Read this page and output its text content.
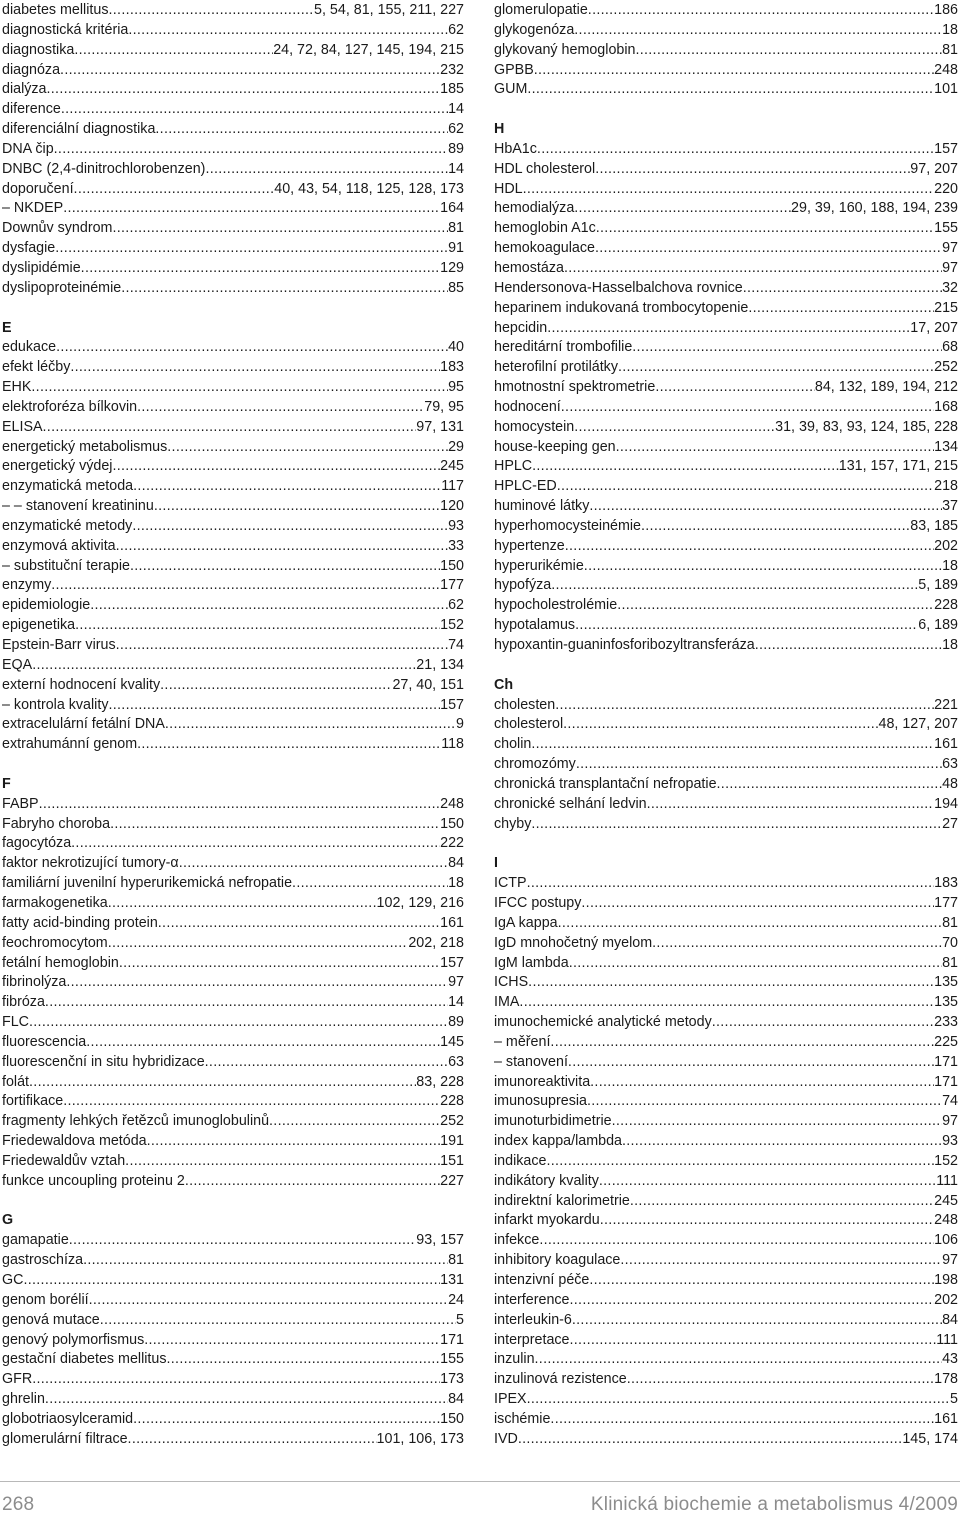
diabetes mellitus .....	5, 54, 81, 155, 211, 227
diagnostická kritéria .....	62
diagnostika .....	24, 72, 84, 127, 145, 194, 215
diagnóza .....	232
dialýza .....	185
diference .....	14
diferenciální diagnostika .....	62
DNA čip .....	89
DNBC (2,4-dinitrochlorobenzen) .....	14
doporučení .....	40, 43, 54, 118, 125, 128, 173
– NKDEP .....	164
Downův syndrom .....	81
dysfagie .....	91
dyslipidémie .....	129
dyslipoproteinémie .....	85
E
edukace .....	40
efekt léčby .....	183
EHK .....	95
elektroforéza bílkovin .....	79, 95
ELISA .....	97, 131
energetický metabolismus .....	29
energetický výdej .....	245
enzymatická metoda .....	117
– – stanovení kreatininu .....	120
enzymatické metody .....	93
enzymová aktivita .....	33
– substituční terapie .....	150
enzymy .....	177
epidemiologie .....	62
epigenetika .....	152
Epstein-Barr virus .....	74
EQA .....	21, 134
externí hodnocení kvality .....	27, 40, 151
– kontrola kvality .....	157
extracelulární fetální DNA .....	9
extrahumánní genom .....	118
F
FABP .....	248
Fabryho choroba .....	150
fagocytóza .....	222
faktor nekrotizující tumory-α .....	84
familiární juvenilní hyperurikemická nefropatie .....	18
farmakogenetika .....	102, 129, 216
fatty acid-binding protein .....	161
feochromocytom .....	202, 218
fetální hemoglobin .....	157
fibrinolýza .....	97
fibróza .....	14
FLC .....	89
fluorescencia .....	145
fluorescenční in situ hybridizace .....	63
folát .....	83, 228
fortifikace .....	228
fragmenty lehkých řetězců imunoglobulinů .....	252
Friedewaldova metóda .....	191
Friedewaldův vztah .....	151
funkce uncoupling proteinu 2 .....	227
G
gamapatie .....	93, 157
gastroschíza .....	81
GC .....	131
genom borélií .....	24
genová mutace .....	5
genový polymorfismus .....	171
gestační diabetes mellitus .....	155
GFR .....	173
ghrelin .....	84
globotriaosylceramid .....	150
glomerulární filtrace .....	101, 106, 173
glomerulopatie .....	186
glykogenóza .....	18
glykovaný hemoglobin .....	81
GPBB .....	248
GUM .....	101
H
HbA1c .....	157
HDL cholesterol .....	97, 207
HDL .....	220
hemodialýza .....	29, 39, 160, 188, 194, 239
hemoglobin A1c .....	155
hemokoagulace .....	97
hemostáza .....	97
Hendersonova-Hasselbalchova rovnice .....	32
heparinem indukovaná trombocytopenie .....	215
hepcidin .....	17, 207
hereditární trombofilie .....	68
heterofilní protilátky .....	252
hmotnostní spektrometrie .....	84, 132, 189, 194, 212
hodnocení .....	168
homocystein .....	31, 39, 83, 93, 124, 185, 228
house-keeping gen .....	134
HPLC .....	131, 157, 171, 215
HPLC-ED .....	218
huminové látky .....	37
hyperhomocysteinémie .....	83, 185
hypertenze .....	202
hyperurikémie .....	18
hypofýza .....	5, 189
hypocholestrolémie .....	228
hypotalamus .....	6, 189
hypoxantin-guaninfosforibozyltransferáza .....	18
Ch
cholesten .....	221
cholesterol .....	48, 127, 207
cholin .....	161
chromozómy .....	63
chronická transplantační nefropatie .....	48
chronické selhání ledvin .....	194
chyby .....	27
I
ICTP .....	183
IFCC postupy .....	177
IgA kappa .....	81
IgD mnohočetný myelom .....	70
IgM lambda .....	81
ICHS .....	135
IMA .....	135
imunochemické analytické metody .....	233
– měření .....	225
– stanovení .....	171
imunoreaktivita .....	171
imunosupresia .....	74
imunoturbidimetrie .....	97
index kappa/lambda .....	93
indikace .....	152
indikátory kvality .....	111
indirektní kalorimetrie .....	245
infarkt myokardu .....	248
infekce .....	106
inhibitory koagulace .....	97
intenzivní péče .....	198
interference .....	202
interleukin-6 .....	84
interpretace .....	111
inzulin .....	43
inzulinová rezistence .....	178
IPEX .....	5
ischémie .....	161
IVD .....	145, 174
268	Klinická biochemie a metabolismus 4/2009
